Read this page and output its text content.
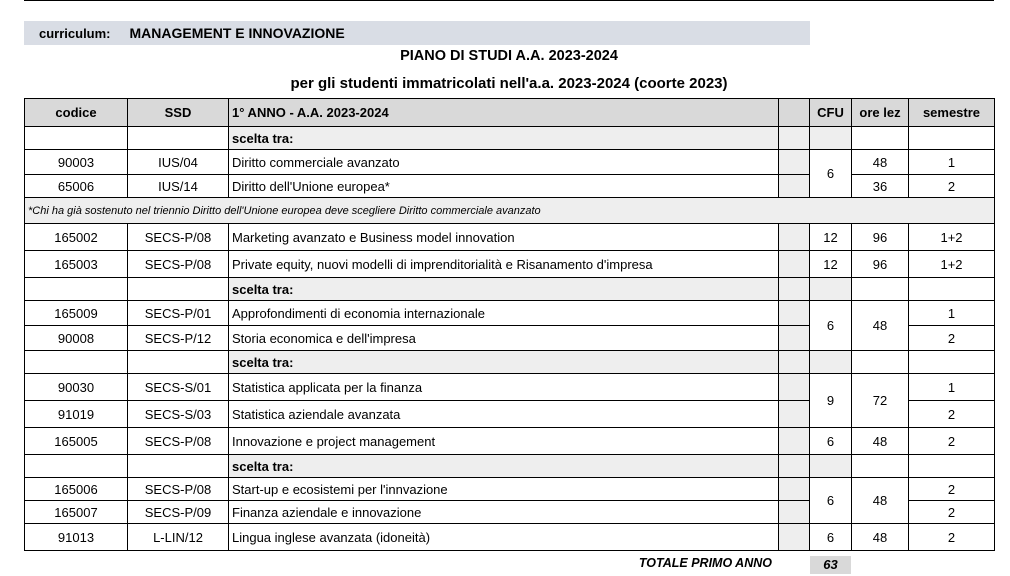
curriculum: MANAGEMENT E INNOVAZIONE
PIANO DI STUDI A.A. 2023-2024
per gli studenti immatricolati nell'a.a. 2023-2024 (coorte 2023)
codice	SSD	1° ANNO - A.A. 2023-2024		CFU	ore lez	semestre
		scelta tra:				
90003	IUS/04	Diritto commerciale avanzato		6	48	1
65006	IUS/14	Diritto dell'Unione europea*			36	2
*Chi ha già sostenuto nel triennio Diritto dell'Unione europea deve scegliere Diritto commerciale avanzato						
165002	SECS-P/08	Marketing avanzato e Business model innovation		12	96	1+2
165003	SECS-P/08	Private equity, nuovi modelli di imprenditorialità e Risanamento d'impresa		12	96	1+2
		scelta tra:				
165009	SECS-P/01	Approfondimenti di economia internazionale		6	48	1
90008	SECS-P/12	Storia economica e dell'impresa				2
		scelta tra:				
90030	SECS-S/01	Statistica applicata per la finanza		9	72	1
91019	SECS-S/03	Statistica aziendale avanzata				2
165005	SECS-P/08	Innovazione e project management		6	48	2
		scelta tra:				
165006	SECS-P/08	Start-up e ecosistemi per l'innvazione		6	48	2
165007	SECS-P/09	Finanza aziendale e innovazione				2
91013	L-LIN/12	Lingua inglese avanzata (idoneità)		6	48	2
TOTALE PRIMO ANNO	63
